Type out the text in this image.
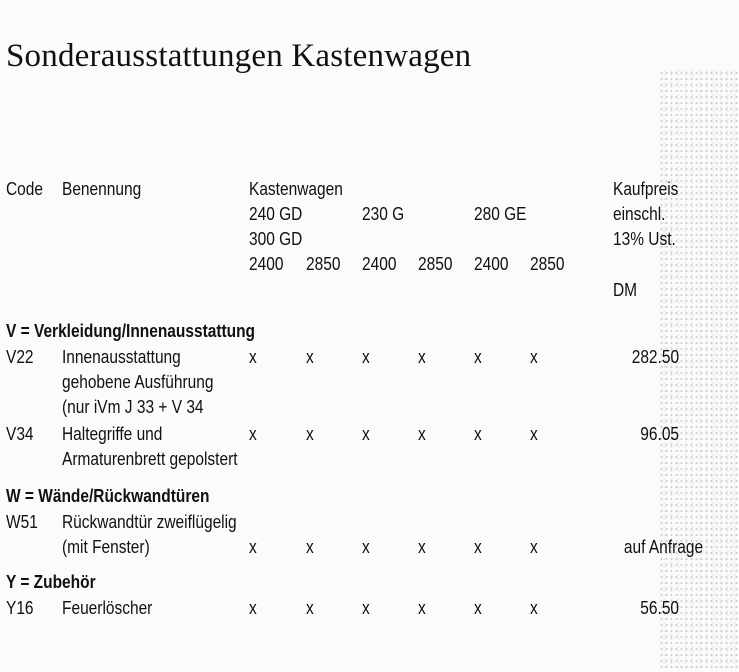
Sonderausstattungen Kastenwagen
Code Benennung	Kastenwagen
240 GD	230 G	280 GE
300 GD
2400 2850 2400 2850 2400 2850
Kaufpreis
einschl.
13% Ust.
DM
V = Verkleidung/Innenausstattung
V22 Innenausstattung
gehobene Ausführung
(nur iVm J 33 + V 34
x	x	x	x	x	x	282.50
V34 Haltegriffe und
Armaturenbrett gepolstert
x	x	x	x	x	x	96.05
W = Wände/Rückwandtüren
W51 Rückwandtür zweiflügelig
(mit Fenster)	x	x	x	x	x	x	auf Anfrage
Y = Zubehör
Y16 Feuerlöscher	x	x	x	x	x	x	56.50
